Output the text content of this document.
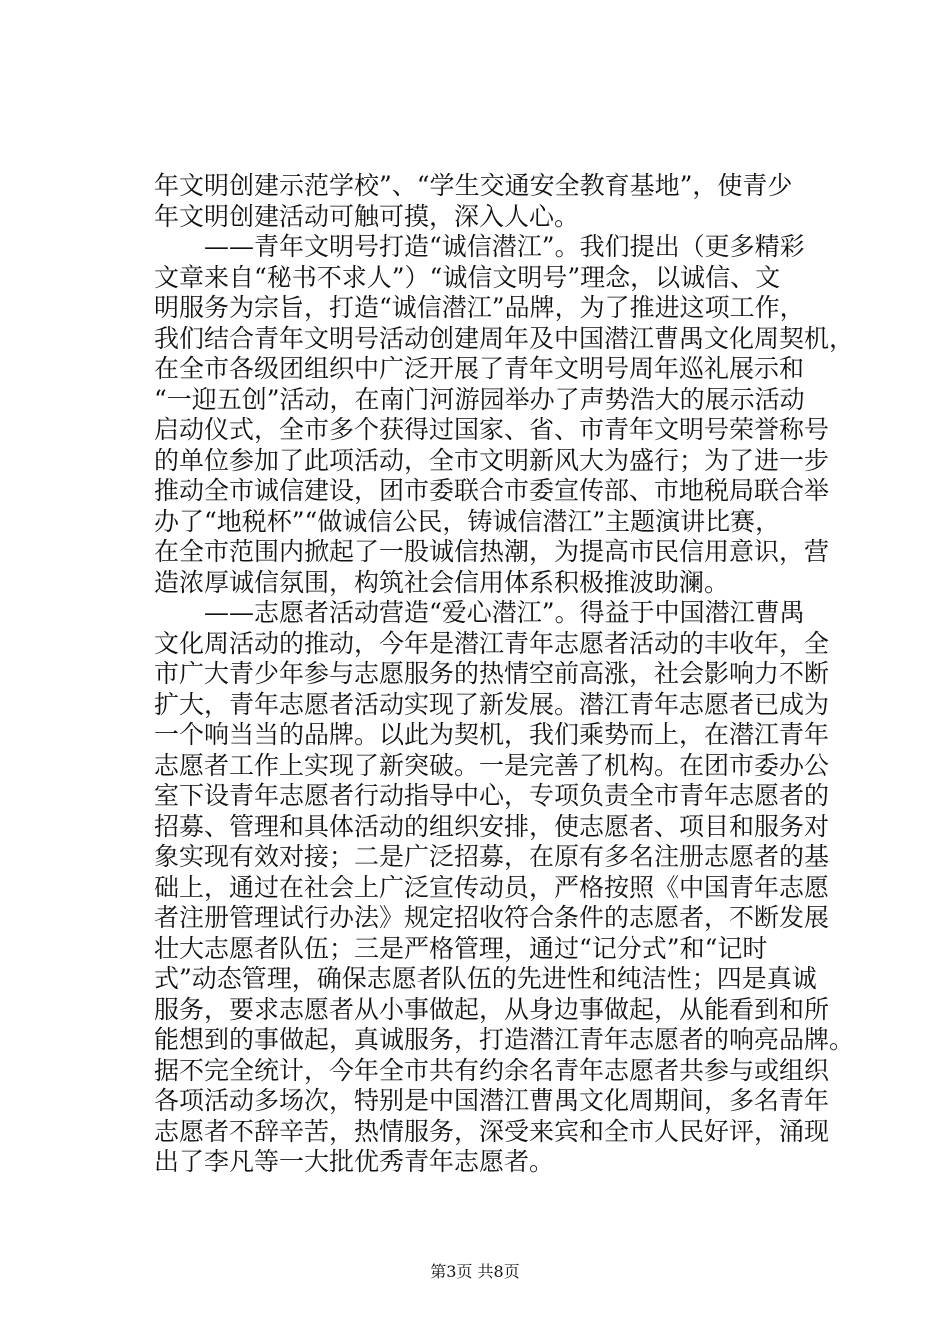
年文明创建示范学校”、“学生交通安全教育基地”，使青少
年文明创建活动可触可摸，深入人心。
　　——青年文明号打造“诚信潜江”。我们提出（更多精彩
文章来自“秘书不求人”）“诚信文明号”理念，以诚信、文
明服务为宗旨，打造“诚信潜江”品牌，为了推进这项工作，
我们结合青年文明号活动创建周年及中国潜江曹禺文化周契机，
在全市各级团组织中广泛开展了青年文明号周年巡礼展示和
“一迎五创”活动，在南门河游园举办了声势浩大的展示活动
启动仪式，全市多个获得过国家、省、市青年文明号荣誉称号
的单位参加了此项活动，全市文明新风大为盛行；为了进一步
推动全市诚信建设，团市委联合市委宣传部、市地税局联合举
办了“地税杯”“做诚信公民，铸诚信潜江”主题演讲比赛，
在全市范围内掀起了一股诚信热潮，为提高市民信用意识，营
造浓厚诚信氛围，构筑社会信用体系积极推波助澜。
　　——志愿者活动营造“爱心潜江”。得益于中国潜江曹禺
文化周活动的推动，今年是潜江青年志愿者活动的丰收年，全
市广大青少年参与志愿服务的热情空前高涨，社会影响力不断
扩大，青年志愿者活动实现了新发展。潜江青年志愿者已成为
一个响当当的品牌。以此为契机，我们乘势而上，在潜江青年
志愿者工作上实现了新突破。一是完善了机构。在团市委办公
室下设青年志愿者行动指导中心，专项负责全市青年志愿者的
招募、管理和具体活动的组织安排，使志愿者、项目和服务对
象实现有效对接；二是广泛招募，在原有多名注册志愿者的基
础上，通过在社会上广泛宣传动员，严格按照《中国青年志愿
者注册管理试行办法》规定招收符合条件的志愿者，不断发展
壮大志愿者队伍；三是严格管理，通过“记分式”和“记时
式”动态管理，确保志愿者队伍的先进性和纯洁性；四是真诚
服务，要求志愿者从小事做起，从身边事做起，从能看到和所
能想到的事做起，真诚服务，打造潜江青年志愿者的响亮品牌。
据不完全统计，今年全市共有约余名青年志愿者共参与或组织
各项活动多场次，特别是中国潜江曹禺文化周期间，多名青年
志愿者不辞辛苦，热情服务，深受来宾和全市人民好评，涌现
出了李凡等一大批优秀青年志愿者。
第3页 共8页
